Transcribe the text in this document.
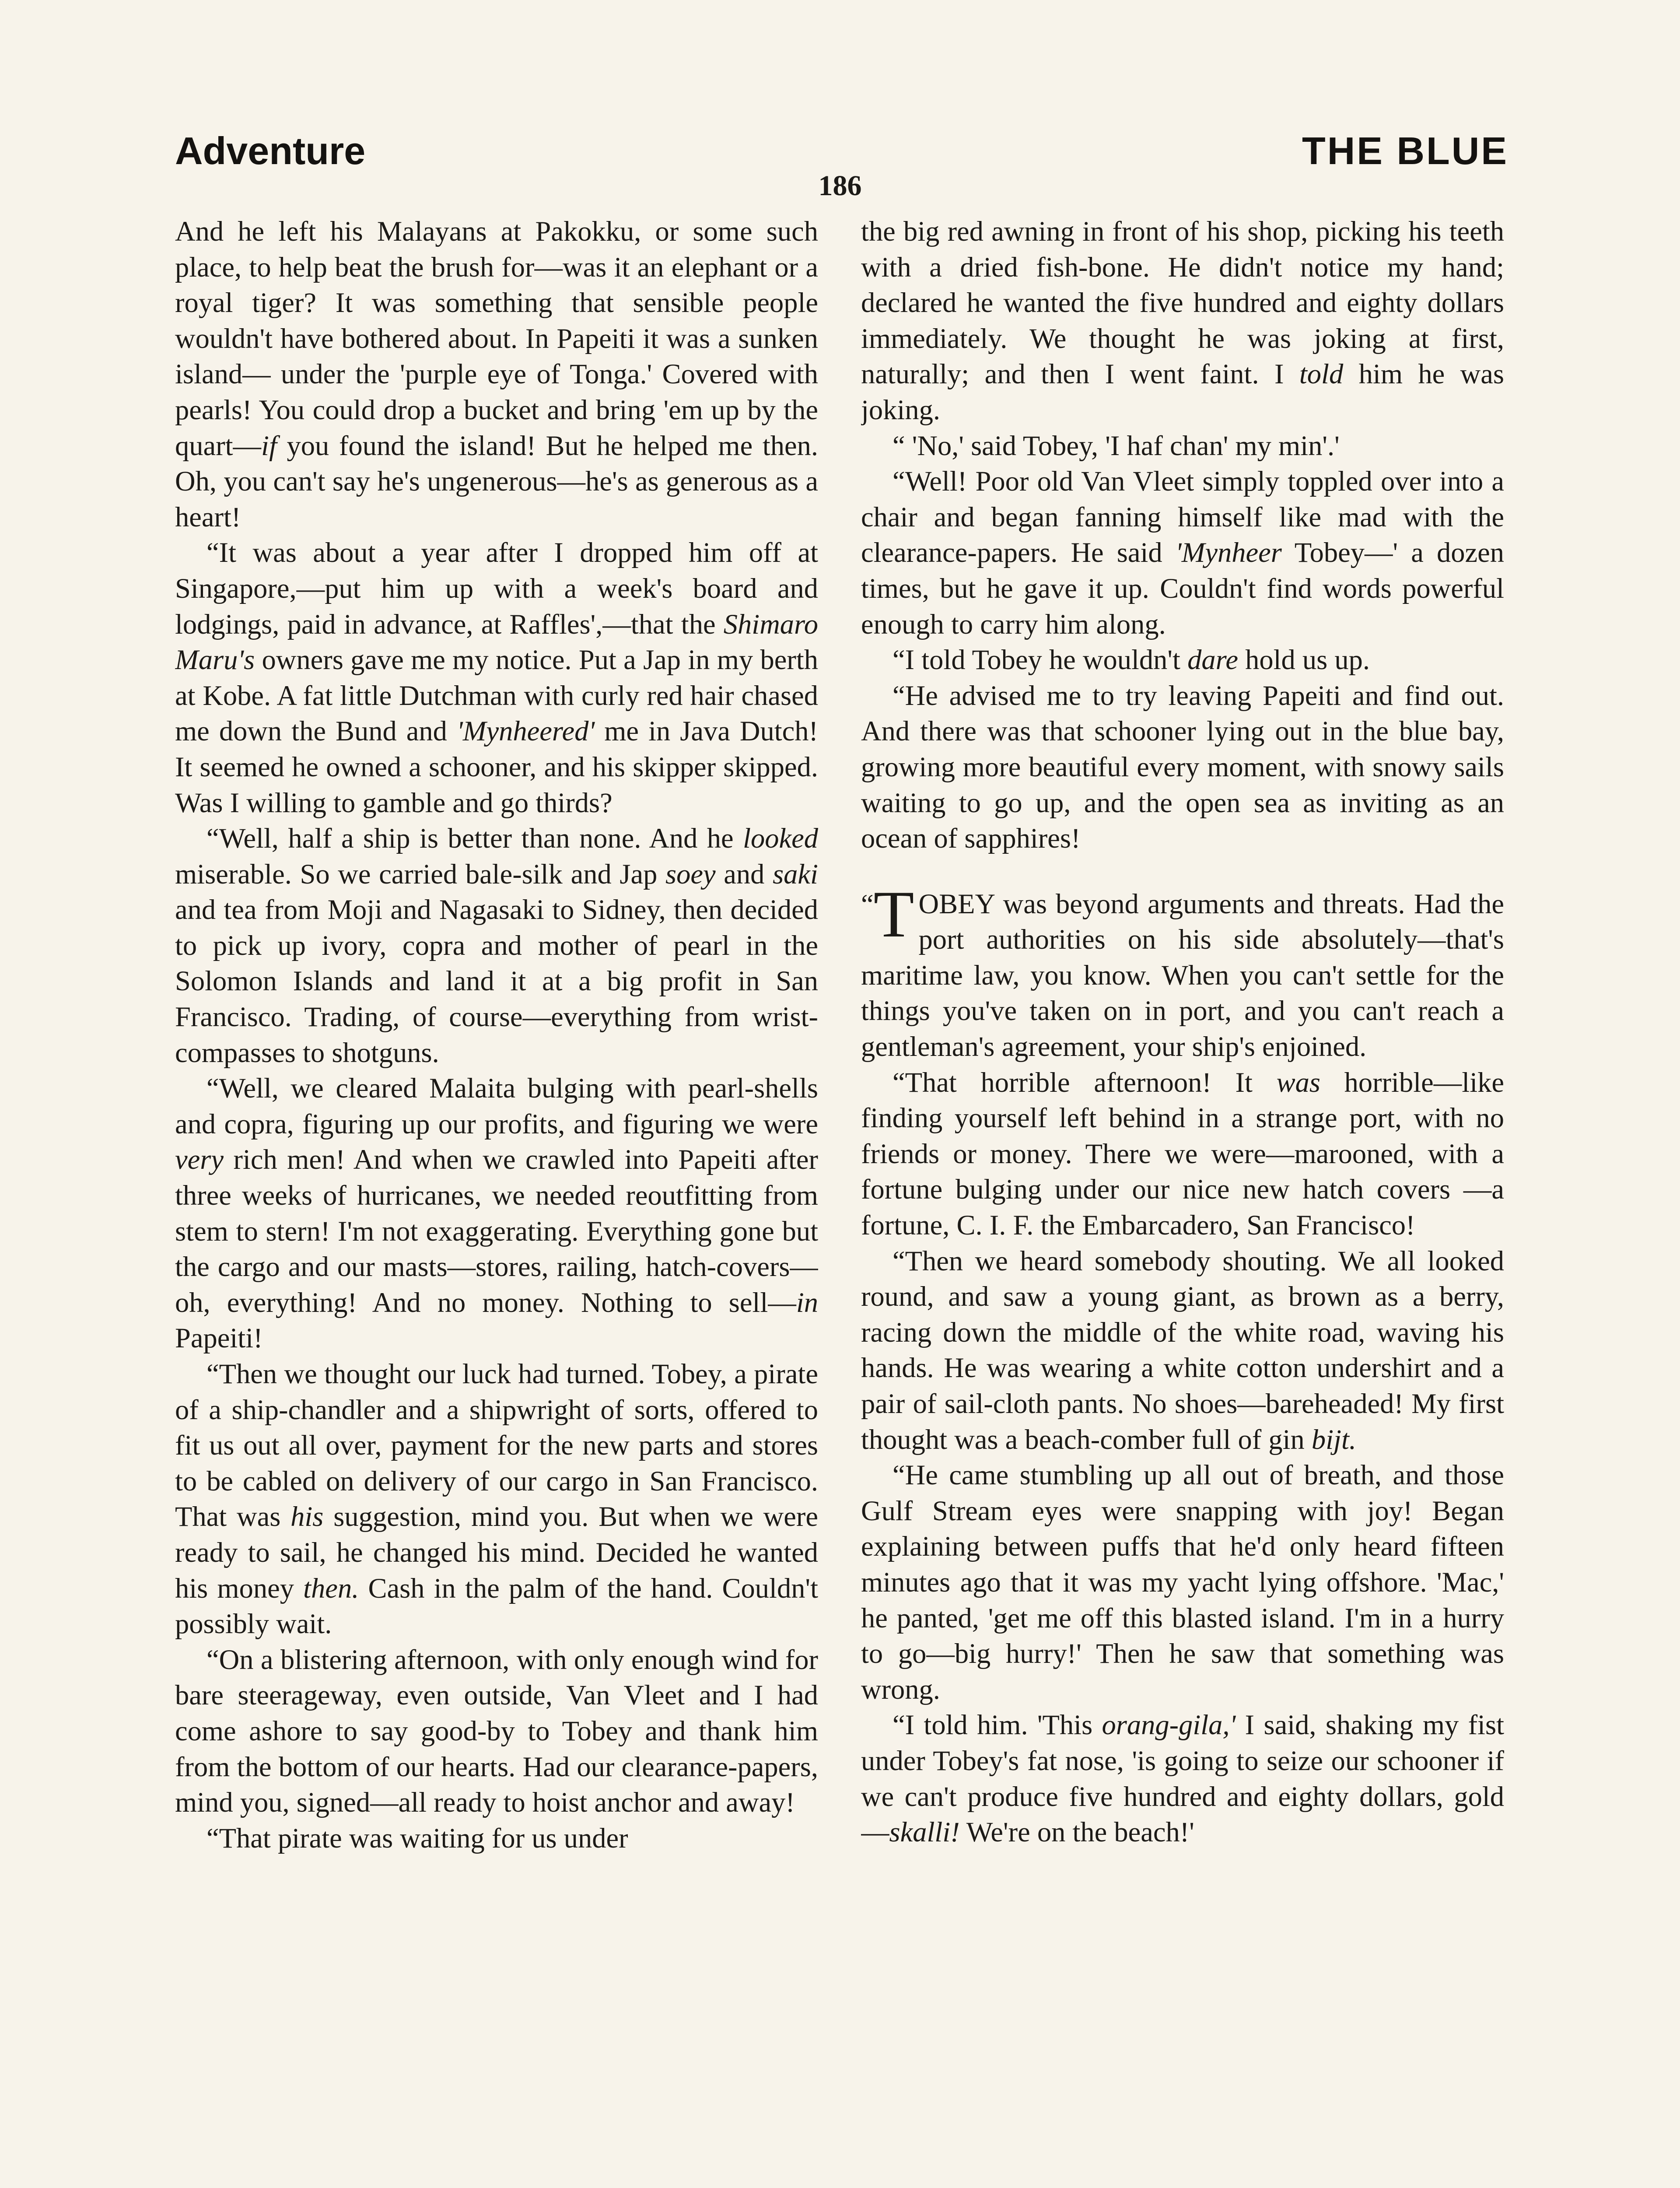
Adventure	THE BLUE
186

And he left his Malayans at Pakokku, or some such place, to help beat the brush for—was it an elephant or a royal tiger? It was something that sensible people wouldn't have bothered about. In Papeiti it was a sunken island— under the 'purple eye of Tonga.' Covered with pearls! You could drop a bucket and bring 'em up by the quart—if you found the island! But he helped me then. Oh, you can't say he's ungenerous—he's as generous as a heart!

“It was about a year after I dropped him off at Singapore,—put him up with a week's board and lodgings, paid in advance, at Raffles',—that the Shimaro Maru's owners gave me my notice. Put a Jap in my berth at Kobe. A fat little Dutchman with curly red hair chased me down the Bund and 'Mynheered' me in Java Dutch! It seemed he owned a schooner, and his skipper skipped. Was I willing to gamble and go thirds?

“Well, half a ship is better than none. And he looked miserable. So we carried bale-silk and Jap soey and saki and tea from Moji and Nagasaki to Sidney, then decided to pick up ivory, copra and mother of pearl in the Solomon Islands and land it at a big profit in San Francisco. Trading, of course—everything from wrist-compasses to shotguns.

“Well, we cleared Malaita bulging with pearl-shells and copra, figuring up our profits, and figuring we were very rich men! And when we crawled into Papeiti after three weeks of hurricanes, we needed reoutfitting from stem to stern! I'm not exaggerating. Everything gone but the cargo and our masts—stores, railing, hatch-covers—oh, everything! And no money. Nothing to sell—in Papeiti!

“Then we thought our luck had turned. Tobey, a pirate of a ship-chandler and a shipwright of sorts, offered to fit us out all over, payment for the new parts and stores to be cabled on delivery of our cargo in San Francisco. That was his suggestion, mind you. But when we were ready to sail, he changed his mind. Decided he wanted his money then. Cash in the palm of the hand. Couldn't possibly wait.

“On a blistering afternoon, with only enough wind for bare steerageway, even outside, Van Vleet and I had come ashore to say good-by to Tobey and thank him from the bottom of our hearts. Had our clearance-papers, mind you, signed—all ready to hoist anchor and away!

“That pirate was waiting for us under

the big red awning in front of his shop, picking his teeth with a dried fish-bone. He didn't notice my hand; declared he wanted the five hundred and eighty dollars immediately. We thought he was joking at first, naturally; and then I went faint. I told him he was joking.

“ 'No,' said Tobey, 'I haf chan' my min'.'

“Well! Poor old Van Vleet simply toppled over into a chair and began fanning himself like mad with the clearance-papers. He said 'Mynheer Tobey—' a dozen times, but he gave it up. Couldn't find words powerful enough to carry him along.

“I told Tobey he wouldn't dare hold us up.

“He advised me to try leaving Papeiti and find out. And there was that schooner lying out in the blue bay, growing more beautiful every moment, with snowy sails waiting to go up, and the open sea as inviting as an ocean of sapphires!

“ T OBEY was beyond arguments and threats. Had the port authorities on his side absolutely—that's maritime law, you know. When you can't settle for the things you've taken on in port, and you can't reach a gentleman's agreement, your ship's enjoined.

“That horrible afternoon! It was horrible—like finding yourself left behind in a strange port, with no friends or money. There we were—marooned, with a fortune bulging under our nice new hatch covers —a fortune, C. I. F. the Embarcadero, San Francisco!

“Then we heard somebody shouting. We all looked round, and saw a young giant, as brown as a berry, racing down the middle of the white road, waving his hands. He was wearing a white cotton undershirt and a pair of sail-cloth pants. No shoes—bareheaded! My first thought was a beach-comber full of gin bijt.

“He came stumbling up all out of breath, and those Gulf Stream eyes were snapping with joy! Began explaining between puffs that he'd only heard fifteen minutes ago that it was my yacht lying offshore. 'Mac,' he panted, 'get me off this blasted island. I'm in a hurry to go—big hurry!' Then he saw that something was wrong.

“I told him. 'This orang-gila,' I said, shaking my fist under Tobey's fat nose, 'is going to seize our schooner if we can't produce five hundred and eighty dollars, gold —skalli! We're on the beach!'
